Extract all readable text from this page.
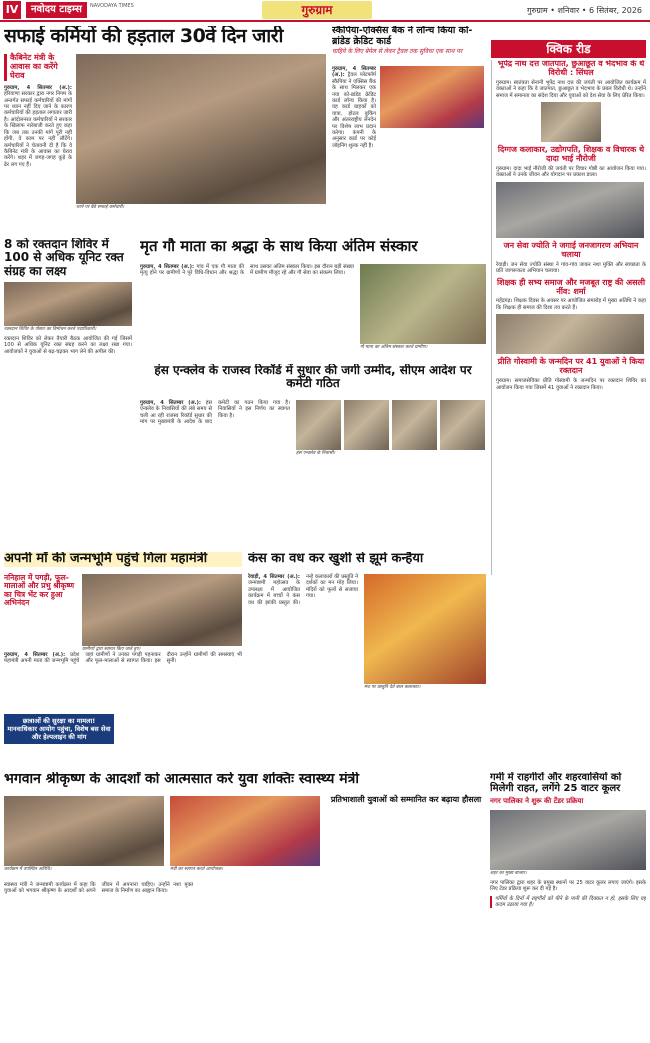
IV	नवोदय टाइम्स	NAVODAYA TIMES	गुरुग्राम	गुरुग्राम • शनिवार • 6 सितंबर, 2026
सफाई कर्मियों की हड़ताल 30वें दिन जारी
कैबिनेट मंत्री के आवास का करेंगे घेराव
गुरुग्राम, 4 सितम्बर (अ.): हरियाणा सरकार द्वारा नगर निगम के अन्तर्गत सफाई कर्मचारियों की मांगों पर ध्यान नहीं दिए जाने के कारण कर्मचारियों की हड़ताल लगातार जारी है। आंदोलनरत कर्मचारियों ने सरकार के खिलाफ नारेबाजी करते हुए कहा कि जब तक उनकी मांगें पूरी नहीं होंगी, वे काम पर नहीं लौटेंगे। कर्मचारियों ने चेतावनी दी है कि वे कैबिनेट मंत्री के आवास का घेराव करेंगे। शहर में जगह-जगह कूड़े के ढेर लग गए हैं।
धरने पर बैठे सफाई कर्मचारी।
स्कैपिया-एक्सिस बैंक ने लॉन्च किया को-ब्रांडेड क्रेडिट कार्ड
चाहिये के लिए बेमेल से लेकर ट्रैवल तक सुविधा एक साथ पर
गुरुग्राम, 4 सितम्बर (अ.): ट्रैवल प्लेटफॉर्म स्कैपिया ने एक्सिस बैंक के साथ मिलकर एक नया को-ब्रांडेड क्रेडिट कार्ड लॉन्च किया है। यह कार्ड ग्राहकों को यात्रा, होटल बुकिंग और अंतरराष्ट्रीय लेनदेन पर विशेष लाभ प्रदान करेगा। कंपनी के अनुसार कार्ड पर कोई जॉइनिंग शुल्क नहीं है।
क्विक रीड
भूपेंद्र नाथ दत्त जातपात, छुआछूत व भेदभाव के थे विरोधी : सिंघल
गुरुग्राम। स्वतंत्रता सेनानी भूपेंद्र नाथ दत्त की जयंती पर आयोजित कार्यक्रम में वक्ताओं ने कहा कि वे जातपात, छुआछूत व भेदभाव के प्रबल विरोधी थे। उन्होंने समाज में समानता का संदेश दिया और युवाओं को देश सेवा के लिए प्रेरित किया।
दिग्गज कलाकार, उद्योगपति, शिक्षक व विचारक थे दादा भाई नौरोजी
गुरुग्राम। दादा भाई नौरोजी की जयंती पर विचार गोष्ठी का आयोजन किया गया। वक्ताओं ने उनके जीवन और योगदान पर प्रकाश डाला।
जन सेवा ज्योति ने जगाई जनजागरण अभियान चलाया
रेवाड़ी। जन सेवा ज्योति संस्था ने गांव-गांव जाकर नशा मुक्ति और स्वच्छता के प्रति जागरूकता अभियान चलाया।
शिक्षक ही सभ्य समाज और मजबूत राष्ट्र की असली नींव: शर्मा
महेंद्रगढ़। शिक्षक दिवस के अवसर पर आयोजित समारोह में मुख्य अतिथि ने कहा कि शिक्षक ही समाज की दिशा तय करते हैं।
प्रीति गोस्वामी के जन्मदिन पर 41 युवाओं ने किया रक्तदान
गुरुग्राम। समाजसेविका प्रीति गोस्वामी के जन्मदिन पर रक्तदान शिविर का आयोजन किया गया जिसमें 41 युवाओं ने रक्तदान किया।
8 को रक्तदान शिविर में 100 से अधिक यूनिट रक्त संग्रह का लक्ष्य
रक्तदान शिविर के पोस्टर का विमोचन करते पदाधिकारी।
रक्तदान शिविर को लेकर तैयारी बैठक आयोजित की गई जिसमें 100 से अधिक यूनिट रक्त संग्रह करने का लक्ष्य रखा गया। आयोजकों ने युवाओं से बढ़-चढ़कर भाग लेने की अपील की।
मृत गौ माता का श्रद्धा के साथ किया अंतिम संस्कार
गुरुग्राम, 4 सितम्बर (अ.): गांव में एक गौ माता की मृत्यु होने पर ग्रामीणों ने पूरे विधि-विधान और श्रद्धा के साथ उसका अंतिम संस्कार किया। इस दौरान बड़ी संख्या में ग्रामीण मौजूद रहे और गौ सेवा का संकल्प लिया।
गौ माता का अंतिम संस्कार करते ग्रामीण।
हंस एन्क्लेव के राजस्व रिकॉर्ड में सुधार की जगी उम्मीद, सीएम आदेश पर कमेटी गठित
गुरुग्राम, 4 सितम्बर (अ.): हंस एन्क्लेव के निवासियों की लंबे समय से चली आ रही राजस्व रिकॉर्ड सुधार की मांग पर मुख्यमंत्री के आदेश के बाद कमेटी का गठन किया गया है। निवासियों ने इस निर्णय का स्वागत किया है।
हंस एन्क्लेव के निवासी।
अपनी माँ की जन्मभूमि पहुंचे गिला महामंत्री
ननिहाल में पगड़ी, फूल-मालाओं और प्रभु श्रीकृष्ण का चित्र भेंट कर हुआ अभिनंदन
ग्रामीणों द्वारा स्वागत किए जाते हुए।
गुरुग्राम, 4 सितम्बर (अ.): प्रदेश महामंत्री अपनी माता की जन्मभूमि पहुंचे जहां ग्रामीणों ने उनका पगड़ी पहनाकर और फूल-मालाओं से स्वागत किया। इस दौरान उन्होंने ग्रामीणों की समस्याएं भी सुनीं।
छात्राओं की सुरक्षा का मामला! मानवाधिकार आयोग पहुंचा, विशेष बस सेवा और हेल्पलाइन की मांग
कंस का वध कर खुशी से झूमे कन्हैया
रेवाड़ी, 4 सितम्बर (अ.): जन्माष्टमी महोत्सव के उपलक्ष्य में आयोजित कार्यक्रम में बच्चों ने कंस वध की झांकी प्रस्तुत की। नन्हे कलाकारों की प्रस्तुति ने दर्शकों का मन मोह लिया। मंदिरों को फूलों से सजाया गया।
मंच पर प्रस्तुति देते बाल कलाकार।
भगवान श्रीकृष्ण के आदर्शों को आत्मसात करे युवा शक्तिः स्वास्थ्य मंत्री
कार्यक्रम में उपस्थित अतिथि।	मंत्री का स्वागत करते आयोजक।
प्रतिभाशाली युवाओं को सम्मानित कर बढ़ाया हौसला
स्वास्थ्य मंत्री ने जन्माष्टमी कार्यक्रम में कहा कि युवाओं को भगवान श्रीकृष्ण के आदर्शों को अपने जीवन में अपनाना चाहिए। उन्होंने नशा मुक्त समाज के निर्माण का आह्वान किया।
गर्मी में राहगीरों और शहरवासियों को मिलेगी राहत, लगेंगे 25 वाटर कूलर
नगर पालिका ने शुरू की टेंडर प्रक्रिया
शहर का मुख्य बाजार।
नगर पालिका द्वारा शहर के प्रमुख स्थानों पर 25 वाटर कूलर लगाए जाएंगे। इसके लिए टेंडर प्रक्रिया शुरू कर दी गई है।
गर्मियों के दिनों में राहगीरों को पीने के पानी की दिक्कत न हो, इसके लिए यह कदम उठाया गया है।
